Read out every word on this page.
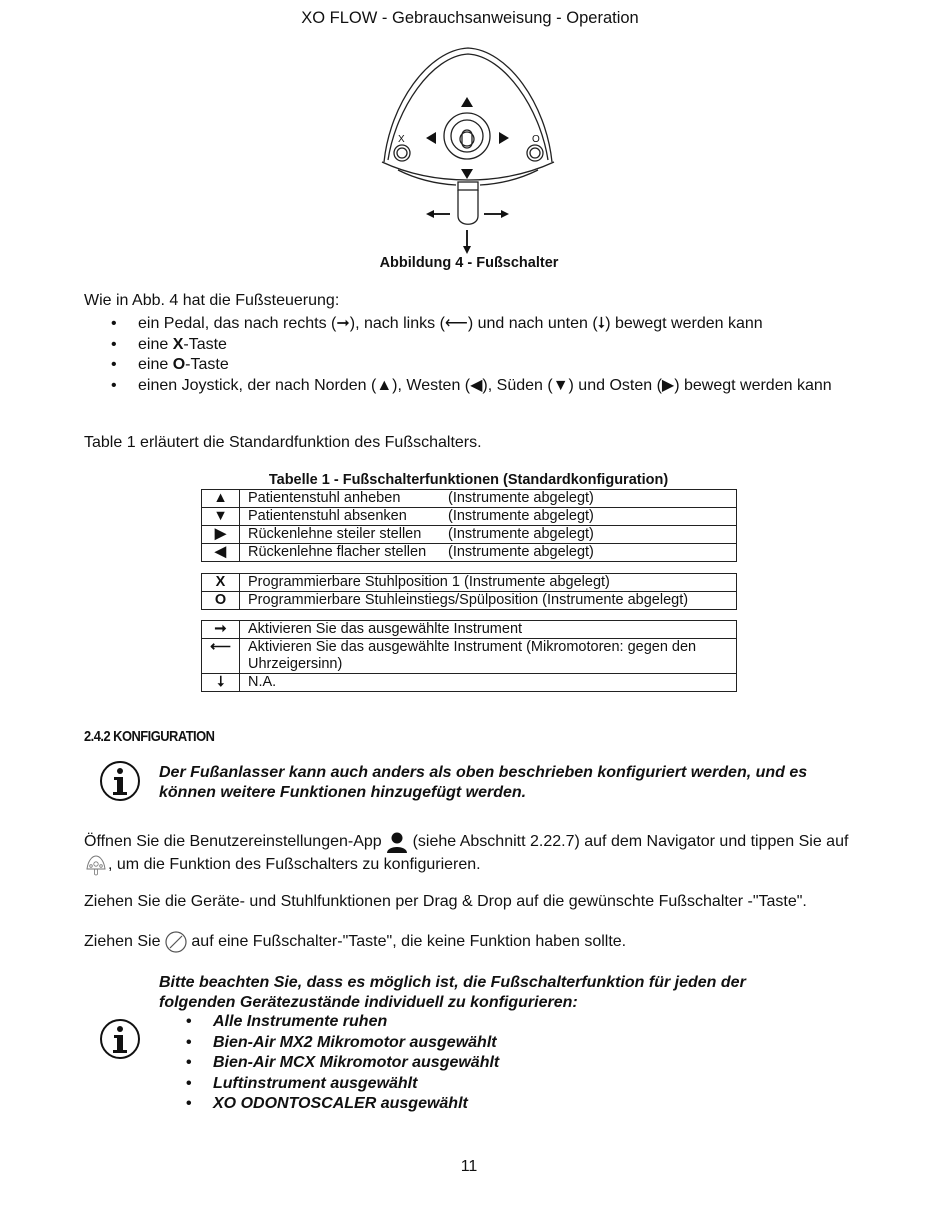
XO FLOW - Gebrauchsanweisung - Operation
X	O
Abbildung 4 - Fußschalter
Wie in Abb. 4 hat die Fußsteuerung:
• ein Pedal, das nach rechts (➞), nach links (⟵) und nach unten (⭣) bewegt werden kann
• eine X-Taste
• eine O-Taste
• einen Joystick, der nach Norden (▲), Westen (◀), Süden (▼) und Osten (▶) bewegt werden kann
Table 1 erläutert die Standardfunktion des Fußschalters.
Tabelle 1 - Fußschalterfunktionen (Standardkonfiguration)
▲	Patientenstuhl anheben (Instrumente abgelegt)
▼	Patientenstuhl absenken (Instrumente abgelegt)
▶	Rückenlehne steiler stellen (Instrumente abgelegt)
◀	Rückenlehne flacher stellen (Instrumente abgelegt)
X	Programmierbare Stuhlposition 1 (Instrumente abgelegt)
O	Programmierbare Stuhleinstiegs/Spülposition (Instrumente abgelegt)
➞	Aktivieren Sie das ausgewählte Instrument
⟵	Aktivieren Sie das ausgewählte Instrument (Mikromotoren: gegen den Uhrzeigersinn)
⭣	N.A.
2.4.2 KONFIGURATION
Der Fußanlasser kann auch anders als oben beschrieben konfiguriert werden, und es können weitere Funktionen hinzugefügt werden.
Öffnen Sie die Benutzereinstellungen-App (siehe Abschnitt 2.22.7) auf dem Navigator und tippen Sie auf , um die Funktion des Fußschalters zu konfigurieren.
Ziehen Sie die Geräte- und Stuhlfunktionen per Drag & Drop auf die gewünschte Fußschalter -"Taste".
Ziehen Sie auf eine Fußschalter-"Taste", die keine Funktion haben sollte.
Bitte beachten Sie, dass es möglich ist, die Fußschalterfunktion für jeden der folgenden Gerätezustände individuell zu konfigurieren:
• Alle Instrumente ruhen
• Bien-Air MX2 Mikromotor ausgewählt
• Bien-Air MCX Mikromotor ausgewählt
• Luftinstrument ausgewählt
• XO ODONTOSCALER ausgewählt
11
